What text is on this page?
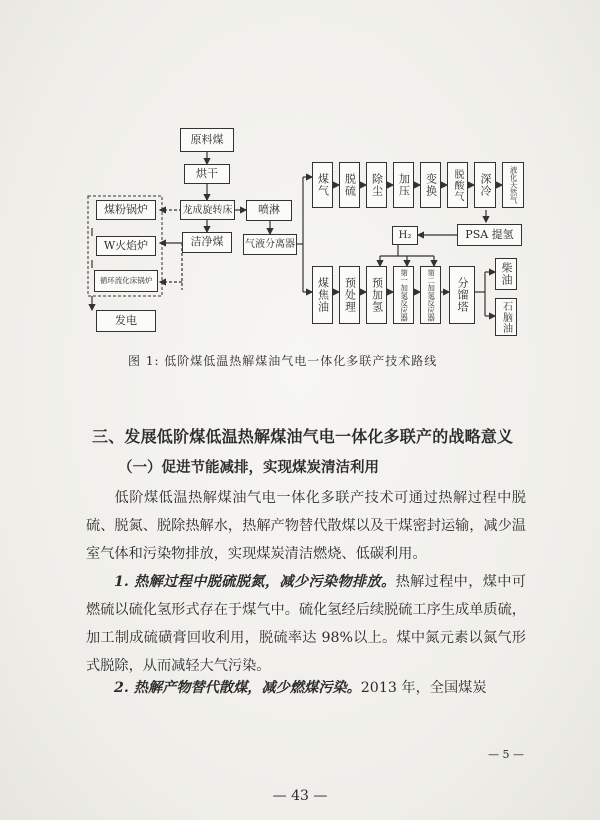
原料煤
烘干
龙成旋转床	喷淋
洁净煤	气液分离器
煤粉锅炉
W火焰炉
循环流化床锅炉
发电
煤气	脱硫	除尘	加压	变换	脱酸气	深冷	液化天然气
PSA 提氢
H₂
煤焦油	预处理	预加氢	第一加氢反应器	第二加氢反应器	分馏塔
柴油
石脑油
图 1: 低阶煤低温热解煤油气电一体化多联产技术路线
三、发展低阶煤低温热解煤油气电一体化多联产的战略意义
（一）促进节能减排，实现煤炭清洁利用
低阶煤低温热解煤油气电一体化多联产技术可通过热解过程中脱硫、脱氮、脱除热解水，热解产物替代散煤以及干煤密封运输，减少温室气体和污染物排放，实现煤炭清洁燃烧、低碳利用。
1. 热解过程中脱硫脱氮，减少污染物排放。热解过程中，煤中可燃硫以硫化氢形式存在于煤气中。硫化氢经后续脱硫工序生成单质硫，加工制成硫磺膏回收利用，脱硫率达 98%以上。煤中氮元素以氮气形式脱除，从而减轻大气污染。
2. 热解产物替代散煤，减少燃煤污染。2013 年，全国煤炭
— 5 —
— 43 —
